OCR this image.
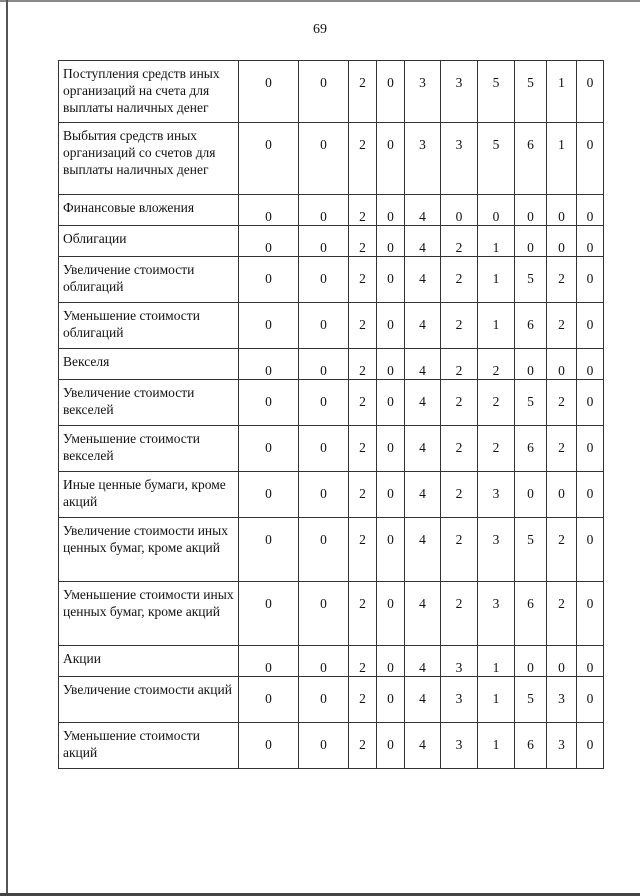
69
Поступления средств иных организаций на счета для выплаты наличных денег	0	0	2	0	3	3	5	5	1	0
Выбытия средств иных организаций со счетов для выплаты наличных денег	0	0	2	0	3	3	5	6	1	0
Финансовые вложения	0	0	2	0	4	0	0	0	0	0
Облигации	0	0	2	0	4	2	1	0	0	0
Увеличение стоимости облигаций	0	0	2	0	4	2	1	5	2	0
Уменьшение стоимости облигаций	0	0	2	0	4	2	1	6	2	0
Векселя	0	0	2	0	4	2	2	0	0	0
Увеличение стоимости векселей	0	0	2	0	4	2	2	5	2	0
Уменьшение стоимости векселей	0	0	2	0	4	2	2	6	2	0
Иные ценные бумаги, кроме акций	0	0	2	0	4	2	3	0	0	0
Увеличение стоимости иных ценных бумаг, кроме акций	0	0	2	0	4	2	3	5	2	0
Уменьшение стоимости иных ценных бумаг, кроме акций	0	0	2	0	4	2	3	6	2	0
Акции	0	0	2	0	4	3	1	0	0	0
Увеличение стоимости акций	0	0	2	0	4	3	1	5	3	0
Уменьшение стоимости акций	0	0	2	0	4	3	1	6	3	0
